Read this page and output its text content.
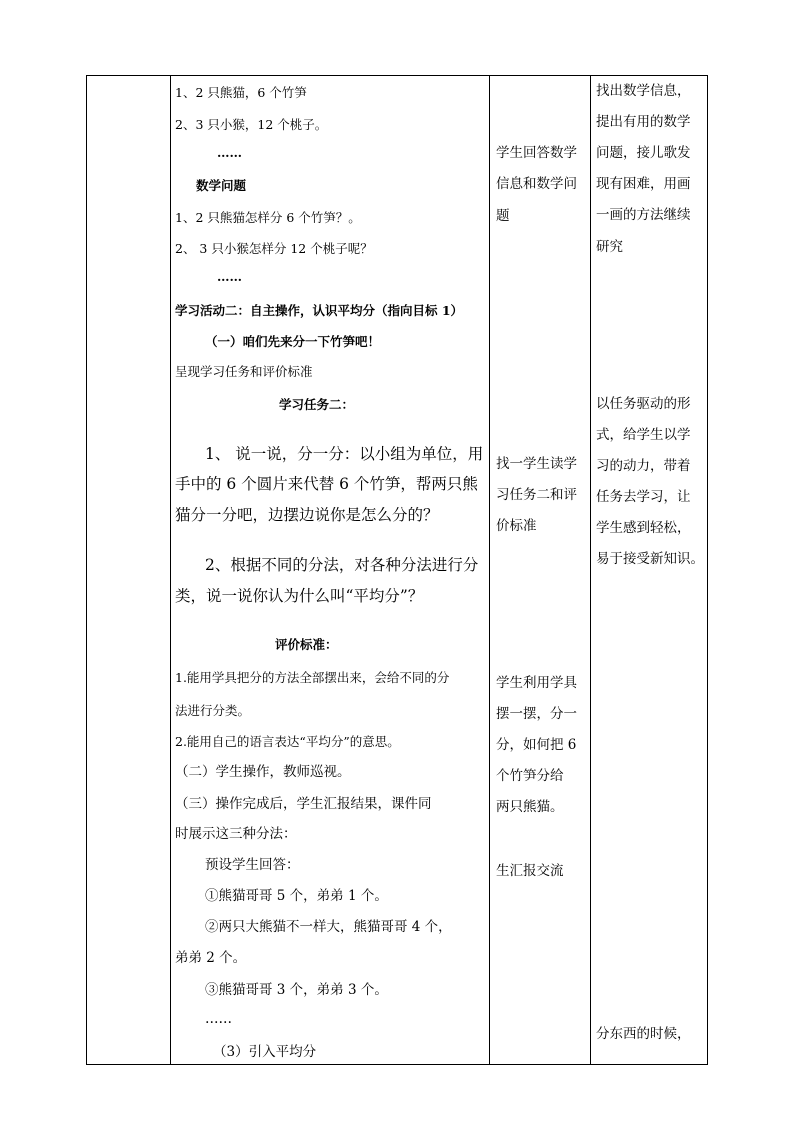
1、2 只熊猫，6 个竹笋
2、3 只小猴，12 个桃子。
……
数学问题
1、2 只熊猫怎样分 6 个竹笋？。
2、 3 只小猴怎样分 12 个桃子呢？
……
学习活动二：自主操作，认识平均分（指向目标 1）
（一）咱们先来分一下竹笋吧！
呈现学习任务和评价标准
学习任务二：
1、 说一说，分一分：以小组为单位，用
手中的 6 个圆片来代替 6 个竹笋，帮两只熊
猫分一分吧，边摆边说你是怎么分的？
2、根据不同的分法，对各种分法进行分
类，说一说你认为什么叫“平均分”？
评价标准：
1.能用学具把分的方法全部摆出来，会给不同的分
法进行分类。
2.能用自己的语言表达“平均分”的意思。
（二）学生操作，教师巡视。
（三）操作完成后，学生汇报结果，课件同
时展示这三种分法：
预设学生回答：
①熊猫哥哥 5 个，弟弟 1 个。
②两只大熊猫不一样大，熊猫哥哥 4 个，
弟弟 2 个。
③熊猫哥哥 3 个，弟弟 3 个。
……
（3）引入平均分
学生回答数学
信息和数学问
题
找一学生读学
习任务二和评
价标准
学生利用学具
摆一摆，分一
分，如何把 6
个竹笋分给
两只熊猫。
生汇报交流
找出数学信息，
提出有用的数学
问题，接儿歌发
现有困难，用画
一画的方法继续
研究
以任务驱动的形
式，给学生以学
习的动力，带着
任务去学习，让
学生感到轻松，
易于接受新知识。
分东西的时候，
